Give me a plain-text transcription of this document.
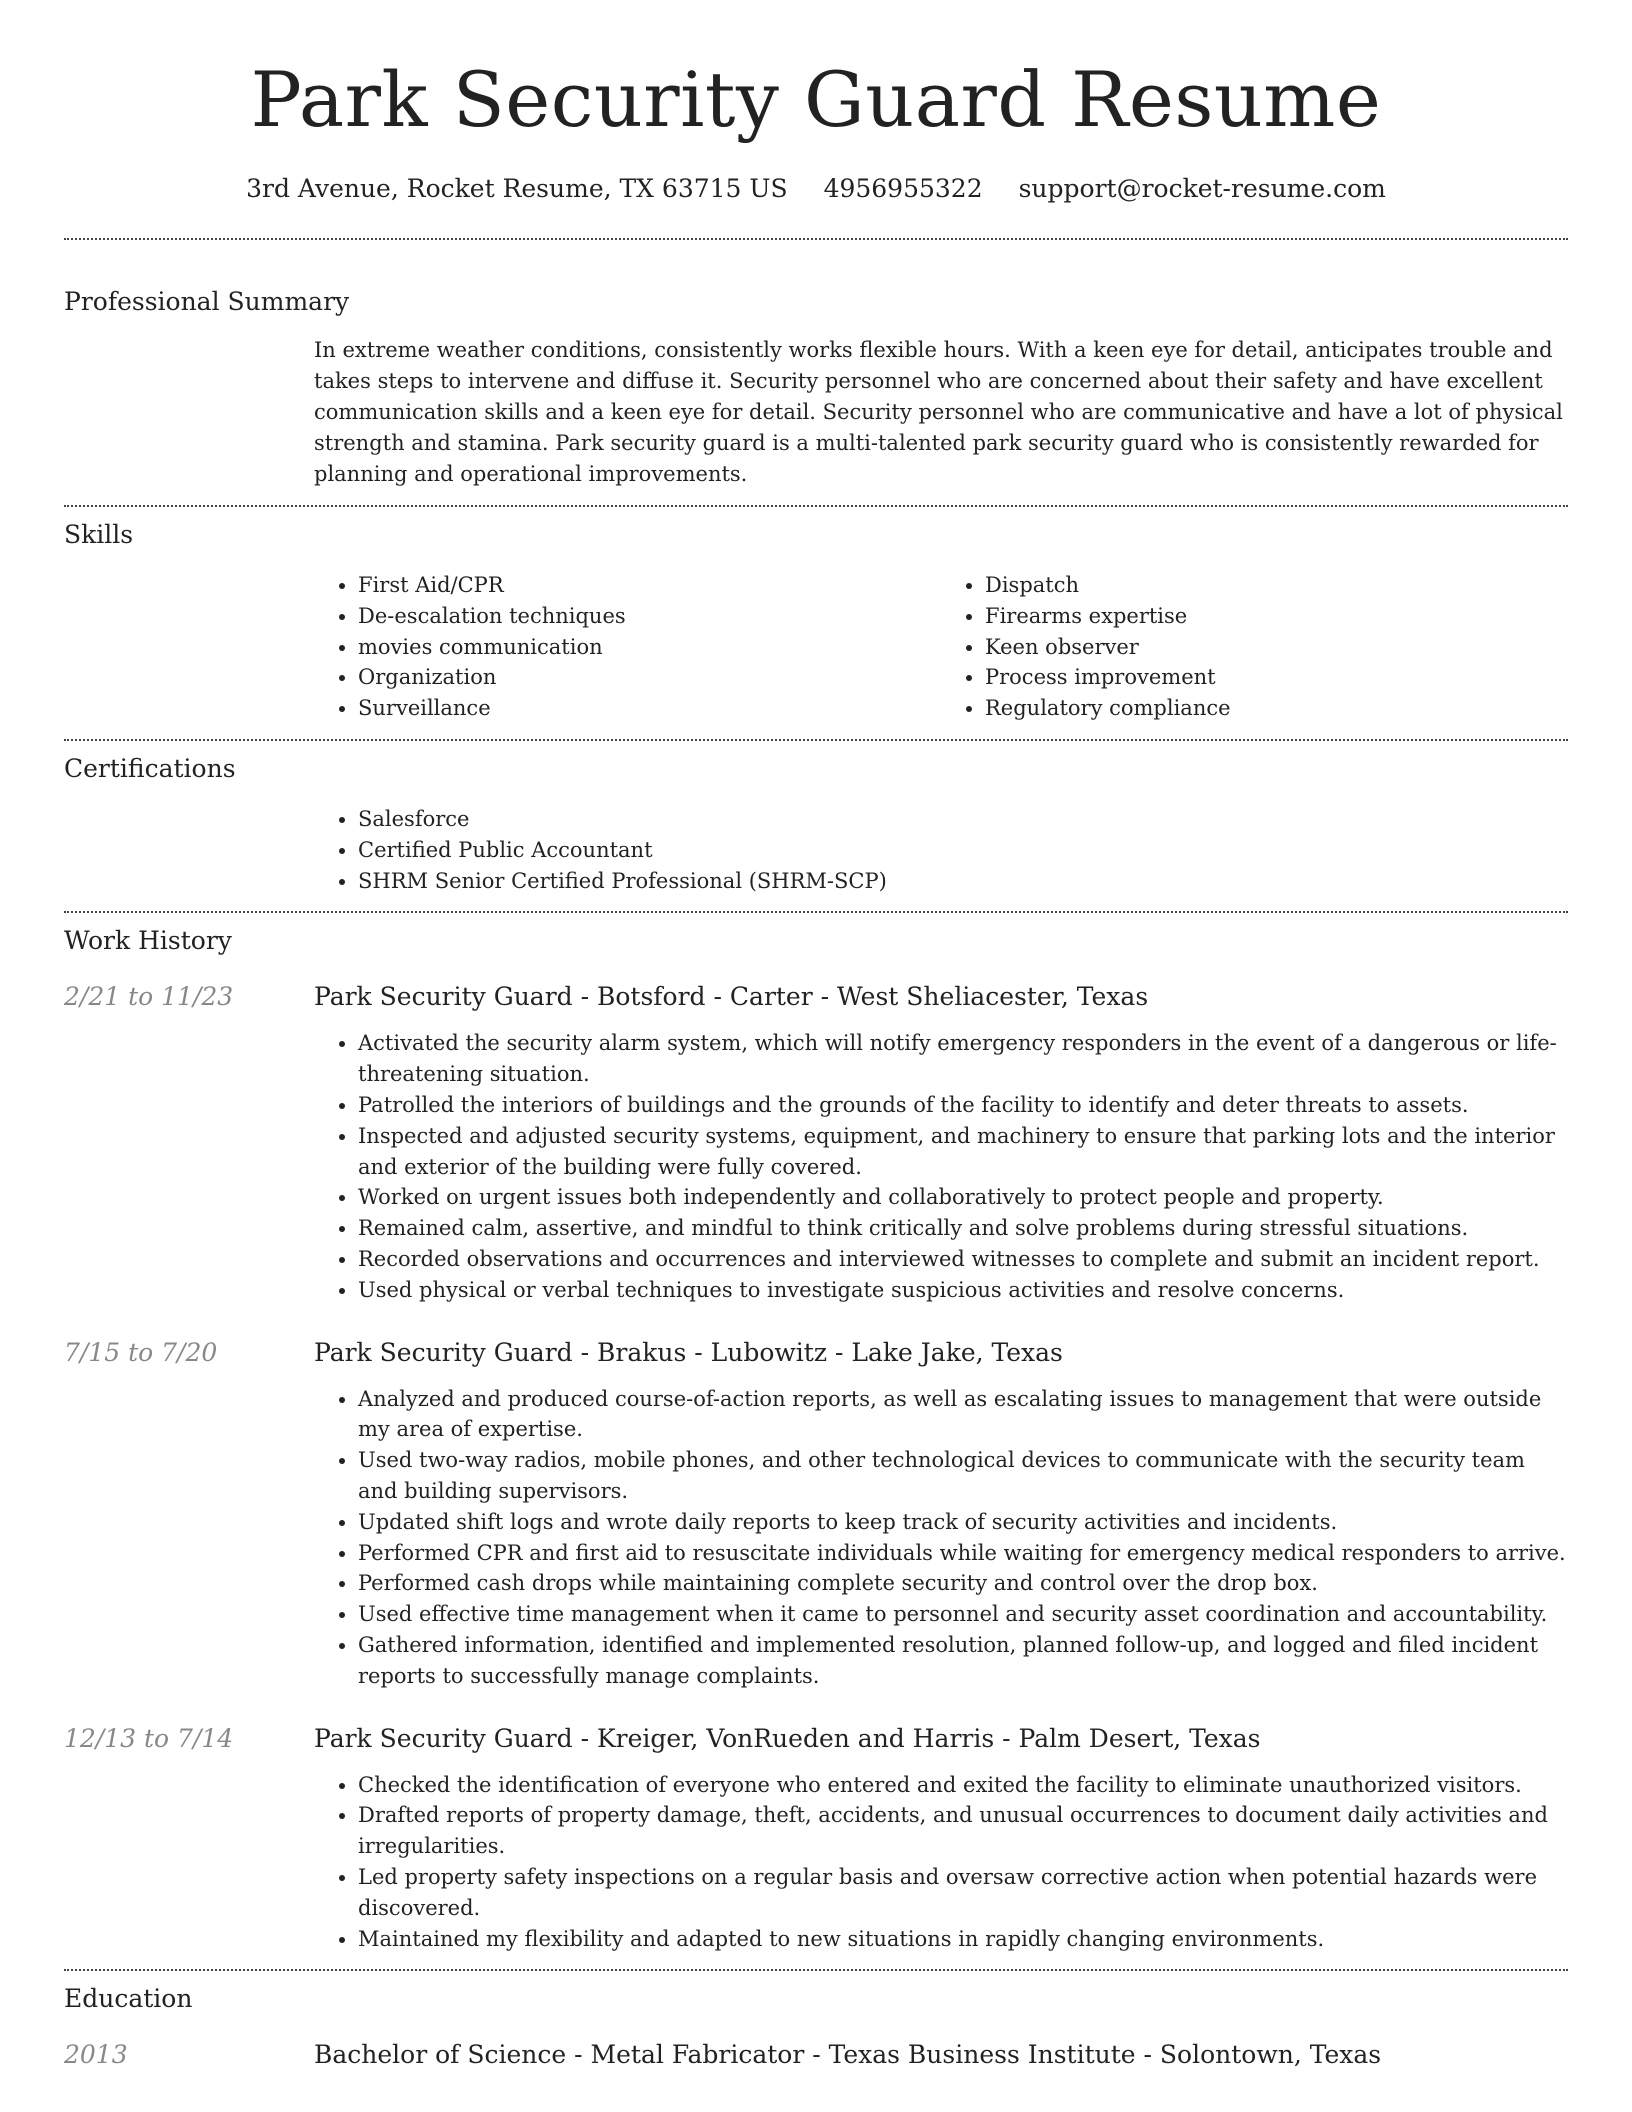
Park Security Guard Resume
3rd Avenue, Rocket Resume, TX 63715 US 4956955322 support@rocket-resume.com
Professional Summary

In extreme weather conditions, consistently works flexible hours. With a keen eye for detail, anticipates trouble and takes steps to intervene and diffuse it. Security personnel who are concerned about their safety and have excellent communication skills and a keen eye for detail. Security personnel who are communicative and have a lot of physical strength and stamina. Park security guard is a multi-talented park security guard who is consistently rewarded for planning and operational improvements.

Skills
• First Aid/CPR
• De-escalation techniques
• movies communication
• Organization
• Surveillance
• Dispatch
• Firearms expertise
• Keen observer
• Process improvement
• Regulatory compliance
Certifications
• Salesforce
• Certified Public Accountant
• SHRM Senior Certified Professional (SHRM-SCP)
Work History
2/21 to 11/23	Park Security Guard - Botsford - Carter - West Sheliacester, Texas
• Activated the security alarm system, which will notify emergency responders in the event of a dangerous or life-threatening situation.
• Patrolled the interiors of buildings and the grounds of the facility to identify and deter threats to assets.
• Inspected and adjusted security systems, equipment, and machinery to ensure that parking lots and the interior and exterior of the building were fully covered.
• Worked on urgent issues both independently and collaboratively to protect people and property.
• Remained calm, assertive, and mindful to think critically and solve problems during stressful situations.
• Recorded observations and occurrences and interviewed witnesses to complete and submit an incident report.
• Used physical or verbal techniques to investigate suspicious activities and resolve concerns.
7/15 to 7/20	Park Security Guard - Brakus - Lubowitz - Lake Jake, Texas
• Analyzed and produced course-of-action reports, as well as escalating issues to management that were outside my area of expertise.
• Used two-way radios, mobile phones, and other technological devices to communicate with the security team and building supervisors.
• Updated shift logs and wrote daily reports to keep track of security activities and incidents.
• Performed CPR and first aid to resuscitate individuals while waiting for emergency medical responders to arrive.
• Performed cash drops while maintaining complete security and control over the drop box.
• Used effective time management when it came to personnel and security asset coordination and accountability.
• Gathered information, identified and implemented resolution, planned follow-up, and logged and filed incident reports to successfully manage complaints.
12/13 to 7/14	Park Security Guard - Kreiger, VonRueden and Harris - Palm Desert, Texas
• Checked the identification of everyone who entered and exited the facility to eliminate unauthorized visitors.
• Drafted reports of property damage, theft, accidents, and unusual occurrences to document daily activities and irregularities.
• Led property safety inspections on a regular basis and oversaw corrective action when potential hazards were discovered.
• Maintained my flexibility and adapted to new situations in rapidly changing environments.
Education
2013	Bachelor of Science - Metal Fabricator - Texas Business Institute - Solontown, Texas
